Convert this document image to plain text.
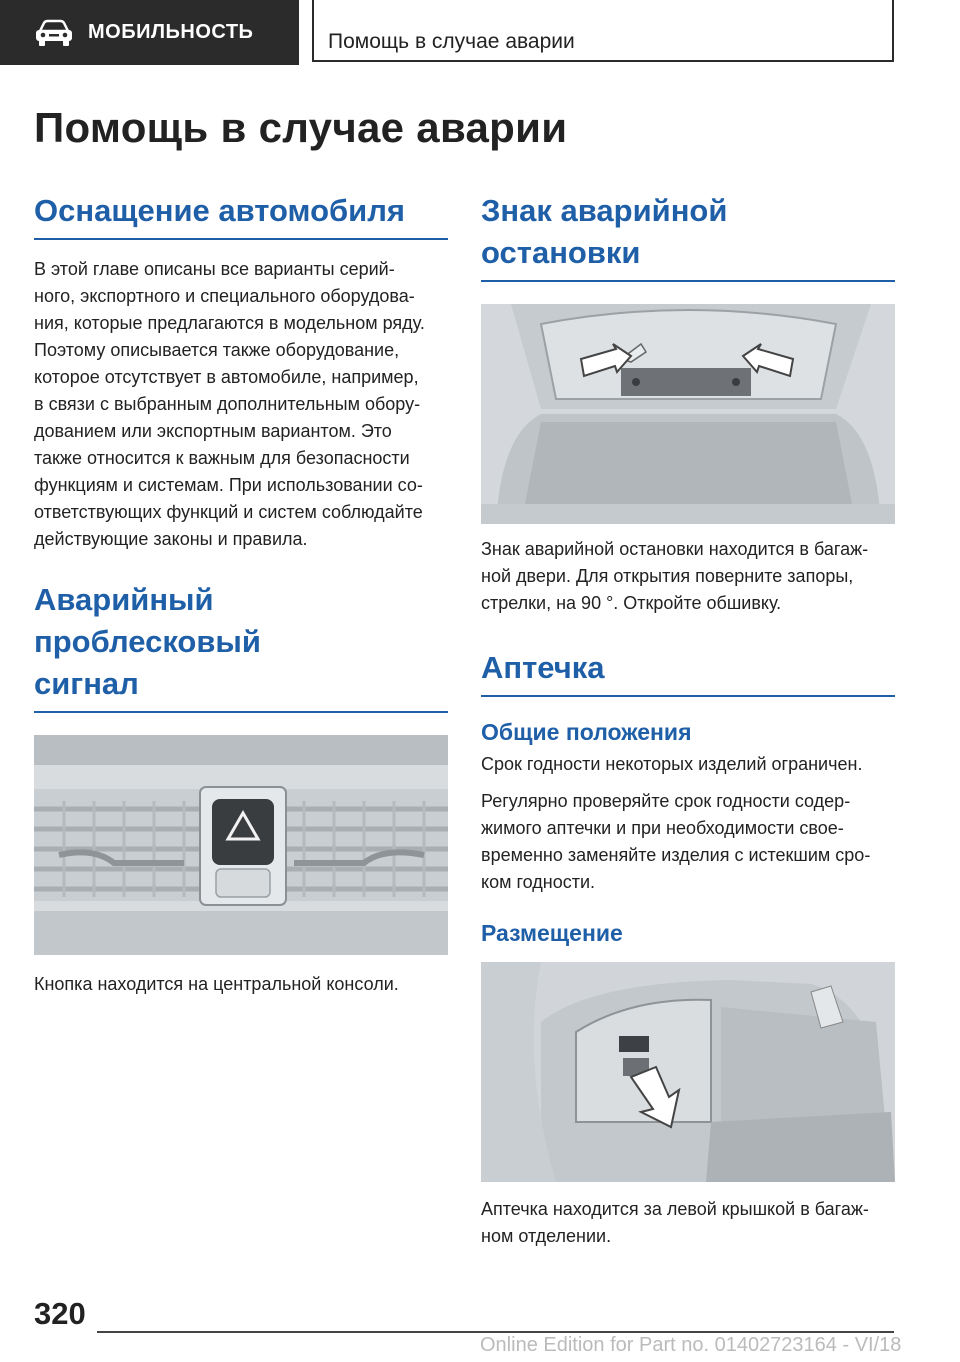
МОБИЛЬНОСТЬ	Помощь в случае аварии
Помощь в случае аварии
Оснащение автомобиля

В этой главе описаны все варианты серий-

ного, экспортного и специального оборудова-

ния, которые предлагаются в модельном ряду.

Поэтому описывается также оборудование,

которое отсутствует в автомобиле, например,

в связи с выбранным дополнительным обору-

дованием или экспортным вариантом. Это

также относится к важным для безопасности

функциям и системам. При использовании со-

ответствующих функций и систем соблюдайте

действующие законы и правила.

Аварийный проблесковый
сигнал

Кнопка находится на центральной консоли.

Знак аварийной
остановки

Знак аварийной остановки находится в багаж-

ной двери. Для открытия поверните запоры,

стрелки, на 90 °. Откройте обшивку.

Аптечка
Общие положения

Срок годности некоторых изделий ограничен.

Регулярно проверяйте срок годности содер-

жимого аптечки и при необходимости свое-

временно заменяйте изделия с истекшим сро-

ком годности.

Размещение

Аптечка находится за левой крышкой в багаж-

ном отделении.

320
Online Edition for Part no. 01402723164 - VI/18
